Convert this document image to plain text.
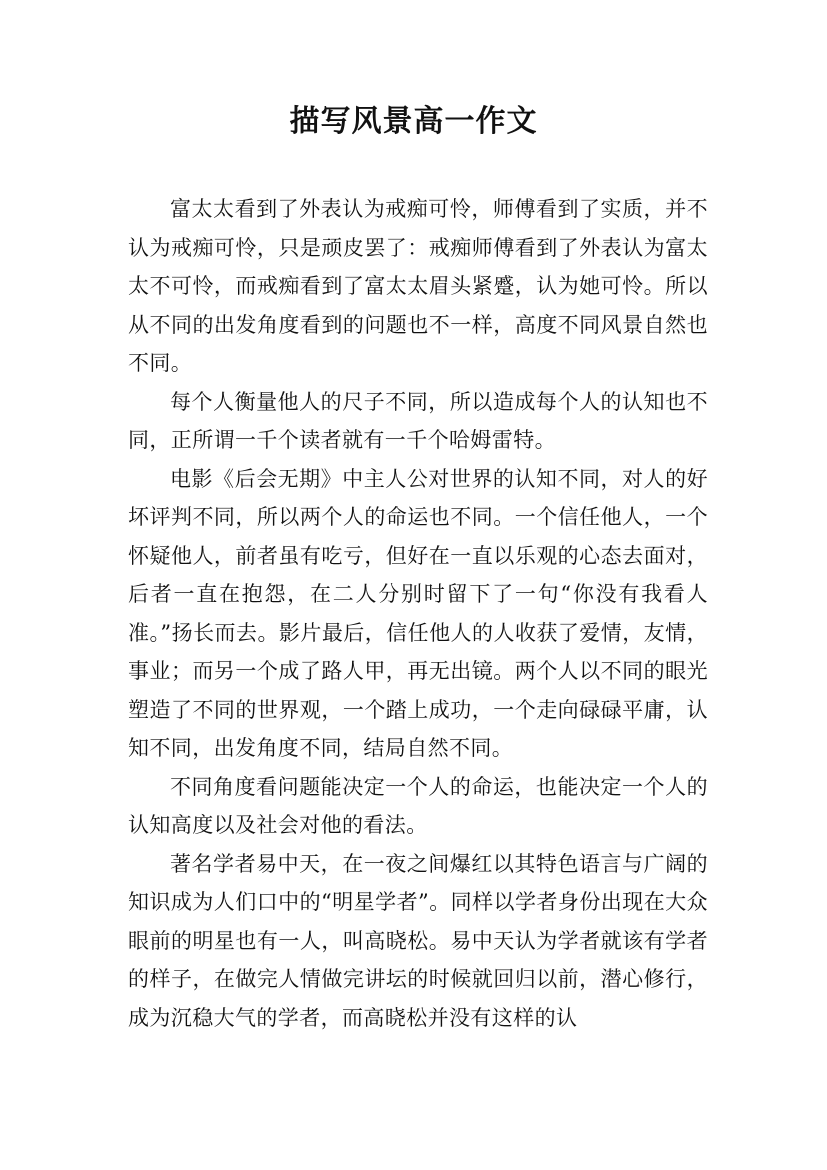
描写风景高一作文

富太太看到了外表认为戒痴可怜，师傅看到了实质，并不认为戒痴可怜，只是顽皮罢了：戒痴师傅看到了外表认为富太太不可怜，而戒痴看到了富太太眉头紧蹙，认为她可怜。所以从不同的出发角度看到的问题也不一样，高度不同风景自然也不同。

每个人衡量他人的尺子不同，所以造成每个人的认知也不同，正所谓一千个读者就有一千个哈姆雷特。

电影《后会无期》中主人公对世界的认知不同，对人的好坏评判不同，所以两个人的命运也不同。一个信任他人，一个怀疑他人，前者虽有吃亏，但好在一直以乐观的心态去面对，后者一直在抱怨，在二人分别时留下了一句“你没有我看人准。”扬长而去。影片最后，信任他人的人收获了爱情，友情，事业；而另一个成了路人甲，再无出镜。两个人以不同的眼光塑造了不同的世界观，一个踏上成功，一个走向碌碌平庸，认知不同，出发角度不同，结局自然不同。

不同角度看问题能决定一个人的命运，也能决定一个人的认知高度以及社会对他的看法。

著名学者易中天，在一夜之间爆红以其特色语言与广阔的知识成为人们口中的“明星学者”。同样以学者身份出现在大众眼前的明星也有一人，叫高晓松。易中天认为学者就该有学者的样子，在做完人情做完讲坛的时候就回归以前，潜心修行，成为沉稳大气的学者，而高晓松并没有这样的认
